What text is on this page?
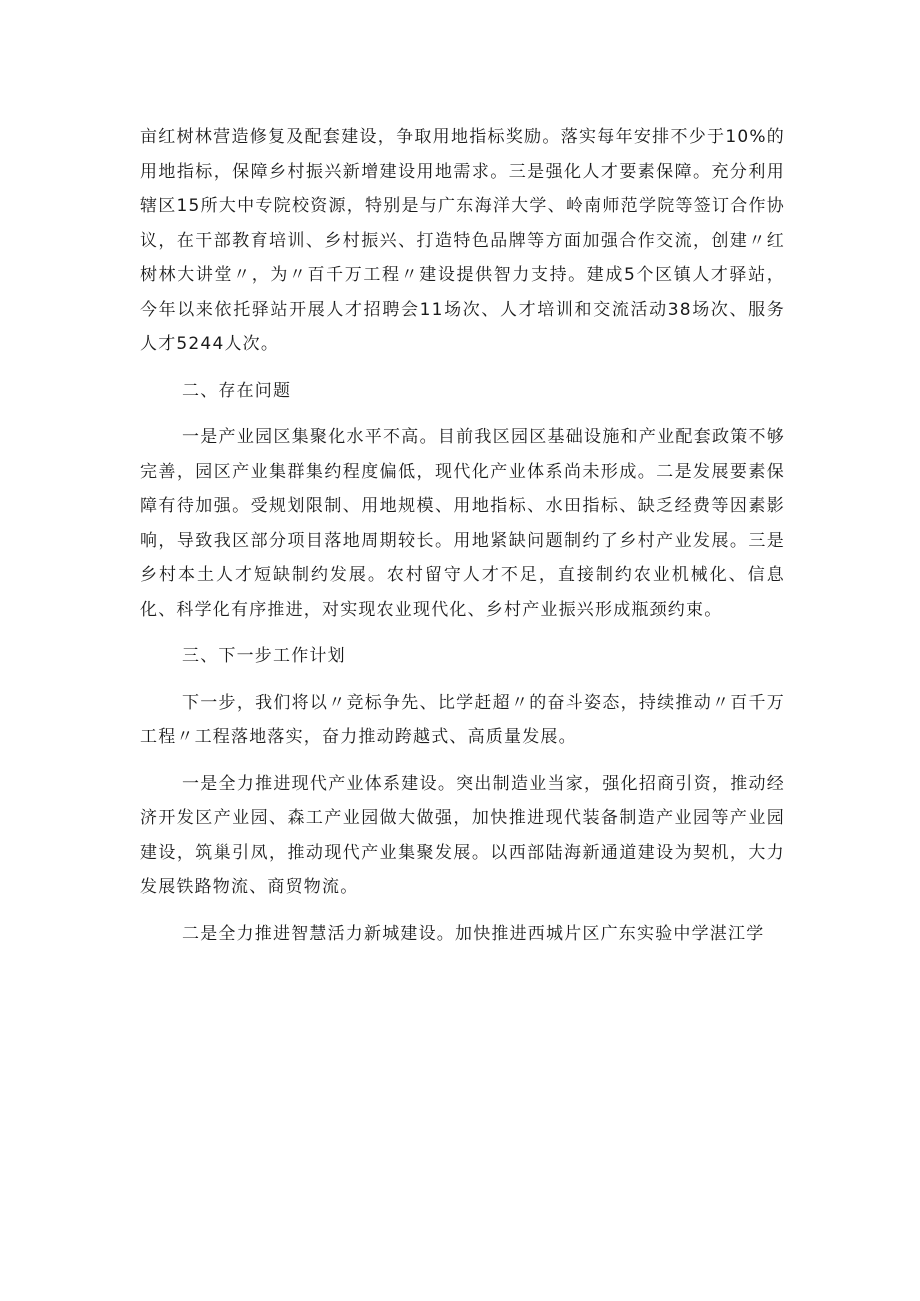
亩红树林营造修复及配套建设，争取用地指标奖励。落实每年安排不少于10%的用地指标，保障乡村振兴新增建设用地需求。三是强化人才要素保障。充分利用辖区15所大中专院校资源，特别是与广东海洋大学、岭南师范学院等签订合作协议，在干部教育培训、乡村振兴、打造特色品牌等方面加强合作交流，创建〃红树林大讲堂〃，为〃百千万工程〃建设提供智力支持。建成5个区镇人才驿站，今年以来依托驿站开展人才招聘会11场次、人才培训和交流活动38场次、服务人才5244人次。

二、存在问题

一是产业园区集聚化水平不高。目前我区园区基础设施和产业配套政策不够完善，园区产业集群集约程度偏低，现代化产业体系尚未形成。二是发展要素保障有待加强。受规划限制、用地规模、用地指标、水田指标、缺乏经费等因素影响，导致我区部分项目落地周期较长。用地紧缺问题制约了乡村产业发展。三是乡村本土人才短缺制约发展。农村留守人才不足，直接制约农业机械化、信息化、科学化有序推进，对实现农业现代化、乡村产业振兴形成瓶颈约束。

三、下一步工作计划

下一步，我们将以〃竞标争先、比学赶超〃的奋斗姿态，持续推动〃百千万工程〃工程落地落实，奋力推动跨越式、高质量发展。

一是全力推进现代产业体系建设。突出制造业当家，强化招商引资，推动经济开发区产业园、森工产业园做大做强，加快推进现代装备制造产业园等产业园建设，筑巢引凤，推动现代产业集聚发展。以西部陆海新通道建设为契机，大力发展铁路物流、商贸物流。

二是全力推进智慧活力新城建设。加快推进西城片区广东实验中学湛江学
